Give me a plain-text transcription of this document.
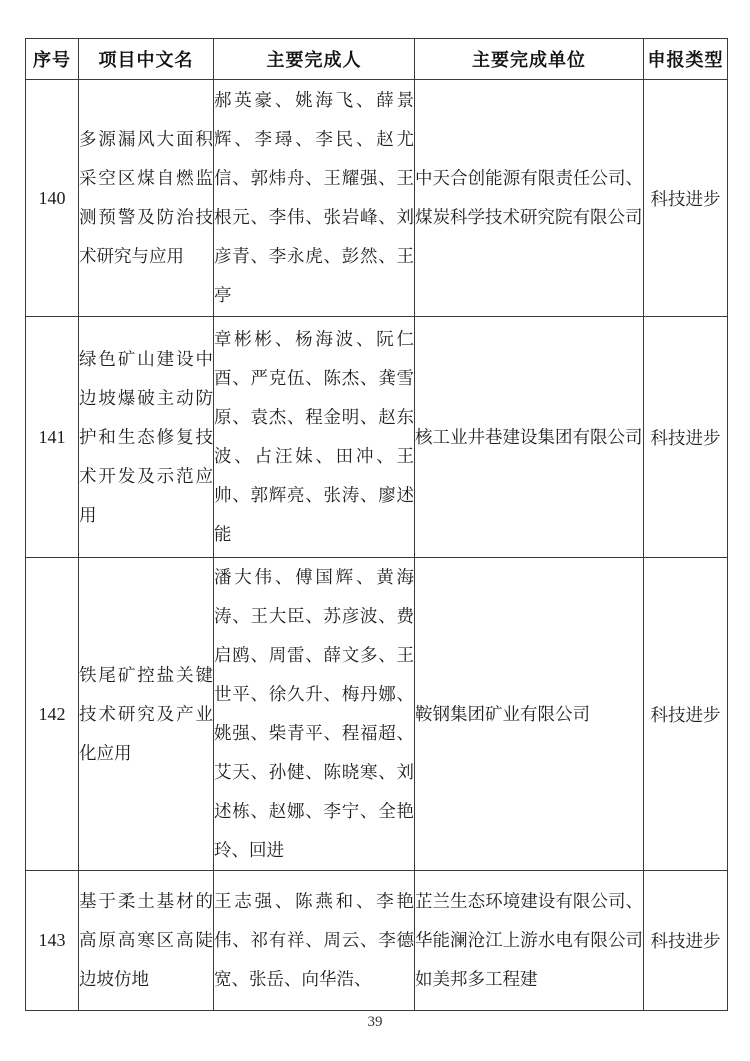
序号	项目中文名	主要完成人	主要完成单位	申报类型
140	多源漏风大面积采空区煤自燃监测预警及防治技术研究与应用	郝英豪、姚海飞、薛景辉、李璕、李民、赵尤信、郭炜舟、王耀强、王根元、李伟、张岩峰、刘彦青、李永虎、彭然、王亭	中天合创能源有限责任公司、煤炭科学技术研究院有限公司	科技进步
141	绿色矿山建设中边坡爆破主动防护和生态修复技术开发及示范应用	章彬彬、杨海波、阮仁酉、严克伍、陈杰、龚雪原、袁杰、程金明、赵东波、占汪妹、田冲、王帅、郭辉亮、张涛、廖述能	核工业井巷建设集团有限公司	科技进步
142	铁尾矿控盐关键技术研究及产业化应用	潘大伟、傅国辉、黄海涛、王大臣、苏彦波、费启鸥、周雷、薛文多、王世平、徐久升、梅丹娜、姚强、柴青平、程福超、艾天、孙健、陈晓寒、刘述栋、赵娜、李宁、全艳玲、回进	鞍钢集团矿业有限公司	科技进步
143	基于柔土基材的高原高寒区高陡边坡仿地	王志强、陈燕和、李艳伟、祁有祥、周云、李德宽、张岳、向华浩、	芷兰生态环境建设有限公司、华能澜沧江上游水电有限公司如美邦多工程建	科技进步
39
